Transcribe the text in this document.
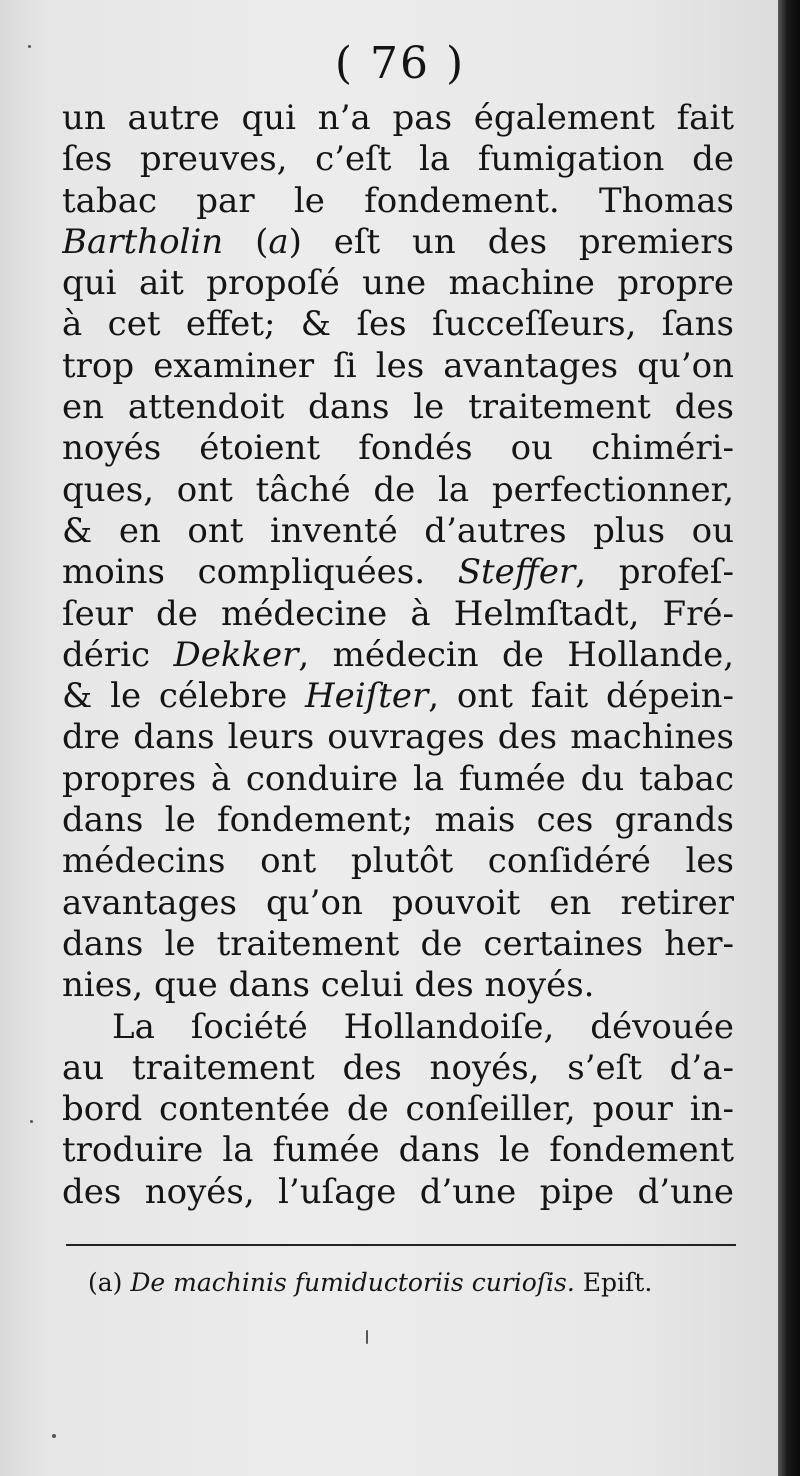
( 76 )
un autre qui n’a pas également fait
ſes preuves, c’eſt la fumigation de
tabac par le fondement. Thomas
Bartholin (a) eſt un des premiers
qui ait propoſé une machine propre
à cet effet; & ſes ſucceſſeurs, ſans
trop examiner ſi les avantages qu’on
en attendoit dans le traitement des
noyés étoient fondés ou chiméri-
ques, ont tâché de la perfectionner,
& en ont inventé d’autres plus ou
moins compliquées. Steffer, profeſ-
ſeur de médecine à Helmſtadt, Fré-
déric Dekker, médecin de Hollande,
& le célebre Heiſter, ont fait dépein-
dre dans leurs ouvrages des machines
propres à conduire la fumée du tabac
dans le fondement; mais ces grands
médecins ont plutôt conſidéré les
avantages qu’on pouvoit en retirer
dans le traitement de certaines her-
nies, que dans celui des noyés.
La ſociété Hollandoiſe, dévouée
au traitement des noyés, s’eſt d’a-
bord contentée de conſeiller, pour in-
troduire la fumée dans le fondement
des noyés, l’uſage d’une pipe d’une
(a) De machinis fumiductoriis curioſis. Epiſt.
